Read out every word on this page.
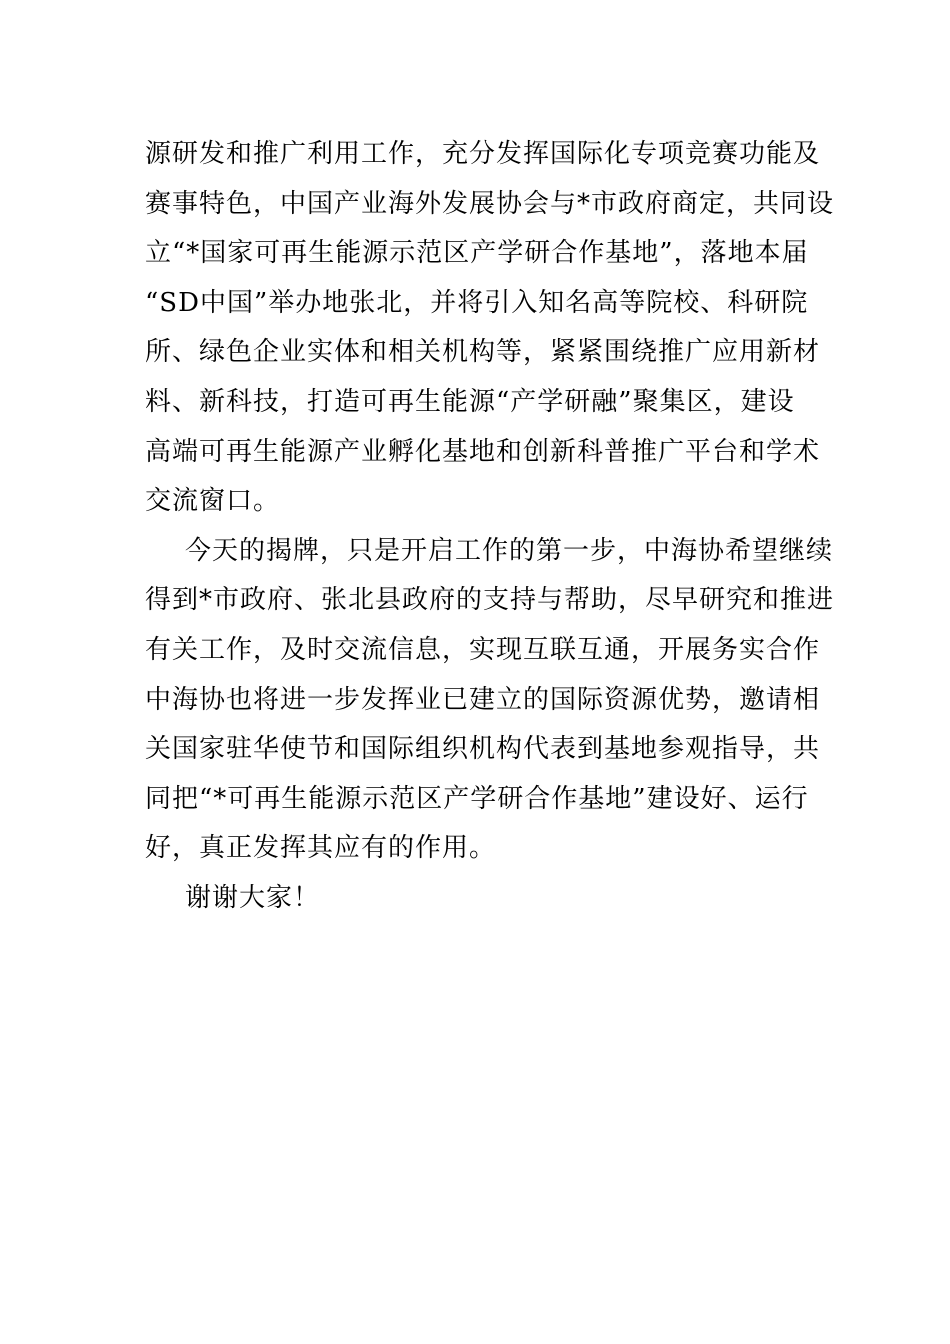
源研发和推广利用工作，充分发挥国际化专项竞赛功能及
赛事特色，中国产业海外发展协会与*市政府商定，共同设
立“*国家可再生能源示范区产学研合作基地”，落地本届
“SD中国”举办地张北，并将引入知名高等院校、科研院
所、绿色企业实体和相关机构等，紧紧围绕推广应用新材
料、新科技，打造可再生能源“产学研融”聚集区，建设
高端可再生能源产业孵化基地和创新科普推广平台和学术
交流窗口。

今天的揭牌，只是开启工作的第一步，中海协希望继续
得到*市政府、张北县政府的支持与帮助，尽早研究和推进
有关工作，及时交流信息，实现互联互通，开展务实合作
中海协也将进一步发挥业已建立的国际资源优势，邀请相
关国家驻华使节和国际组织机构代表到基地参观指导，共
同把“*可再生能源示范区产学研合作基地”建设好、运行
好，真正发挥其应有的作用。

谢谢大家！
